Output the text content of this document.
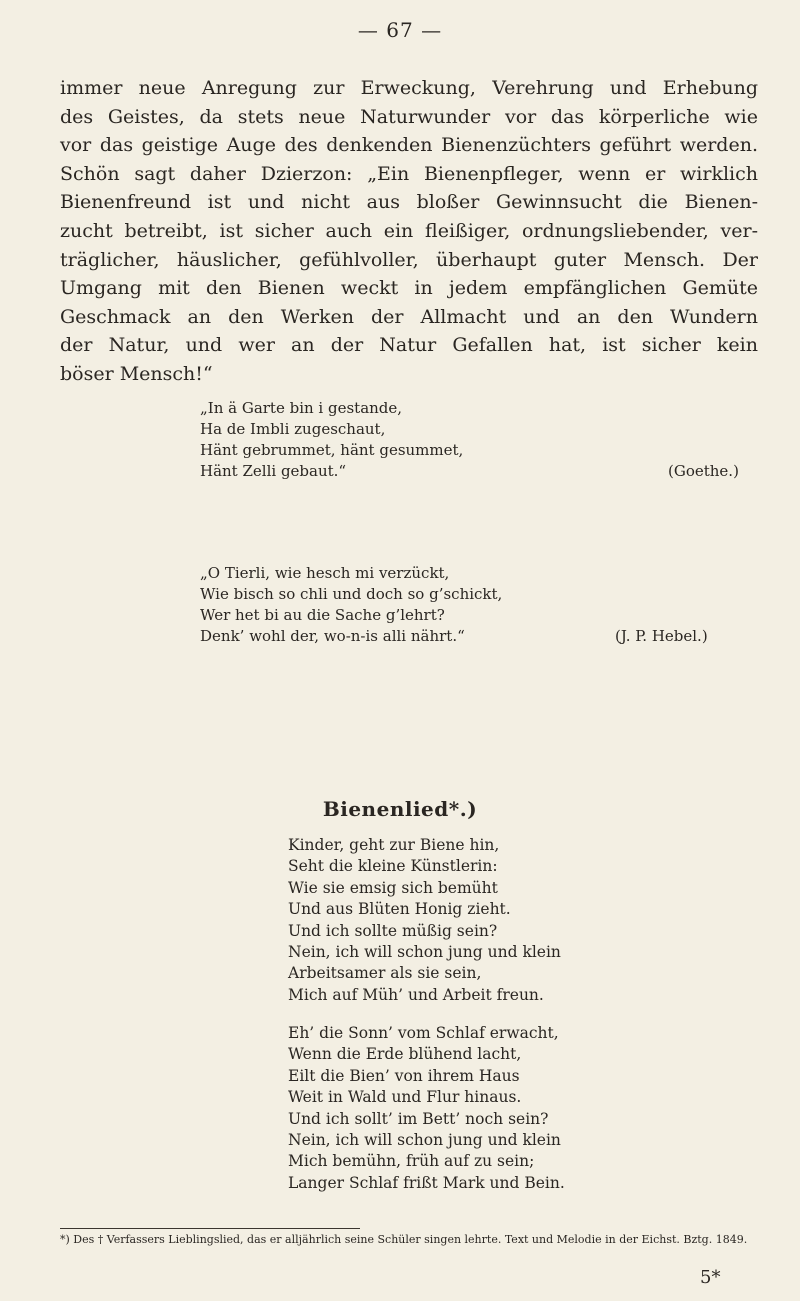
— 67 —
immer neue Anregung zur Erweckung, Verehrung und Erhebung
des Geistes, da stets neue Naturwunder vor das körperliche wie
vor das geistige Auge des denkenden Bienenzüchters geführt werden.
Schön sagt daher Dzierzon: „Ein Bienenpfleger, wenn er wirklich
Bienenfreund ist und nicht aus bloßer Gewinnsucht die Bienen-
zucht betreibt, ist sicher auch ein fleißiger, ordnungsliebender, ver-
träglicher, häuslicher, gefühlvoller, überhaupt guter Mensch. Der
Umgang mit den Bienen weckt in jedem empfänglichen Gemüte
Geschmack an den Werken der Allmacht und an den Wundern
der Natur, und wer an der Natur Gefallen hat, ist sicher kein
böser Mensch!“
„In ä Garte bin i gestande,
Ha de Imbli zugeschaut,
Hänt gebrummet, hänt gesummet,
Hänt Zelli gebaut.“	(Goethe.)
„O Tierli, wie hesch mi verzückt,
Wie bisch so chli und doch so g’schickt,
Wer het bi au die Sache g’lehrt?
Denk’ wohl der, wo-n-is alli nährt.“	(J. P. Hebel.)
Bienenlied*.)
Kinder, geht zur Biene hin,
Seht die kleine Künstlerin:
Wie sie emsig sich bemüht
Und aus Blüten Honig zieht.
Und ich sollte müßig sein?
Nein, ich will schon jung und klein
Arbeitsamer als sie sein,
Mich auf Müh’ und Arbeit freun.
Eh’ die Sonn’ vom Schlaf erwacht,
Wenn die Erde blühend lacht,
Eilt die Bien’ von ihrem Haus
Weit in Wald und Flur hinaus.
Und ich sollt’ im Bett’ noch sein?
Nein, ich will schon jung und klein
Mich bemühn, früh auf zu sein;
Langer Schlaf frißt Mark und Bein.
*) Des † Verfassers Lieblingslied, das er alljährlich seine Schüler singen lehrte. Text und Melodie in der Eichst. Bztg. 1849.
5*
